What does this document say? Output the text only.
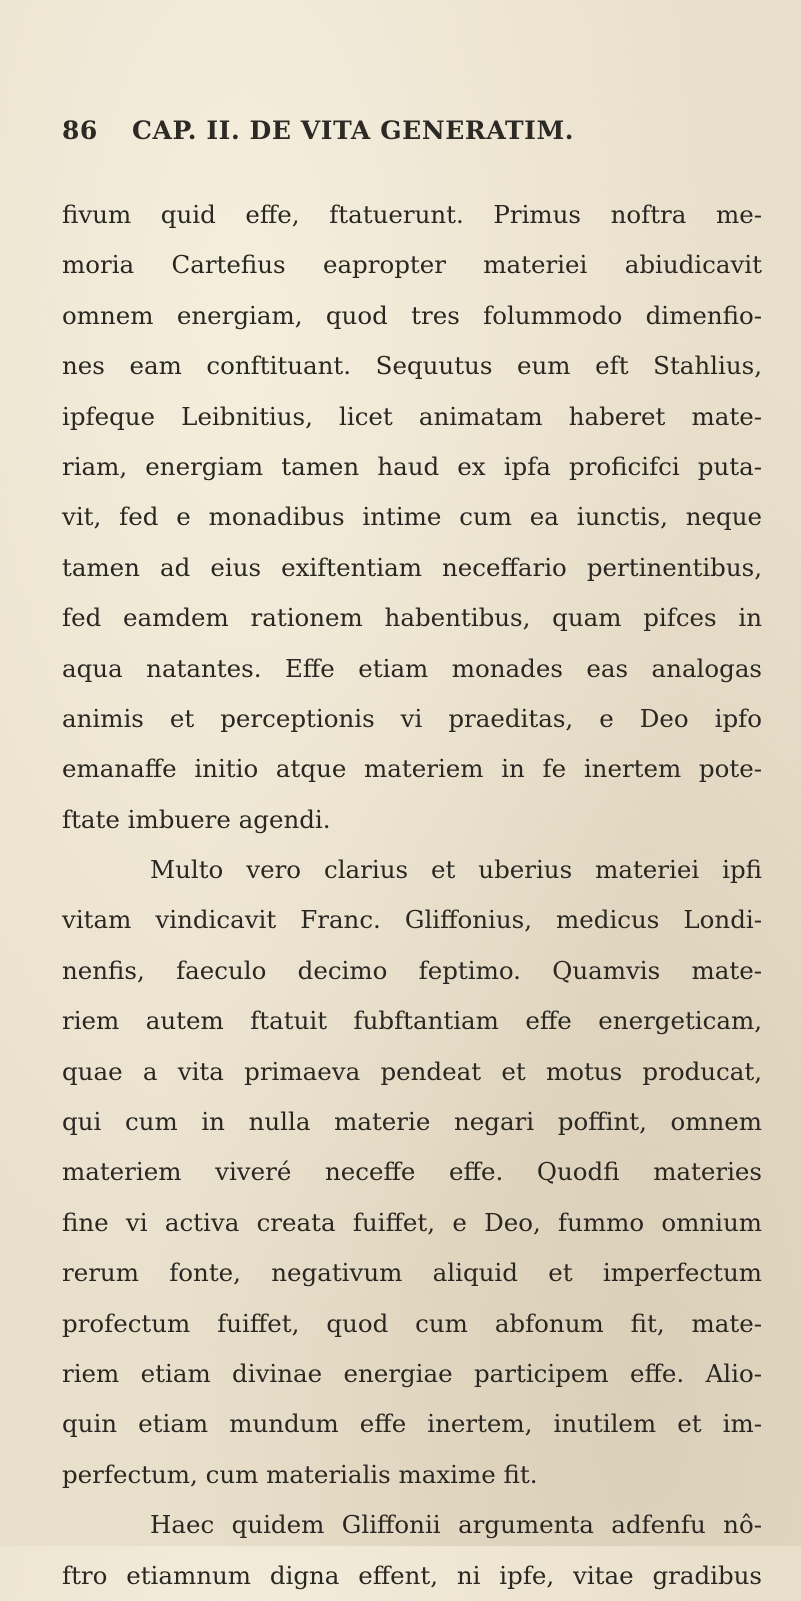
86 CAP. II. DE VITA GENERATIM.
fivum quid effe, ftatuerunt. Primus noftra me-
moria Cartefius eapropter materiei abiudicavit
omnem energiam, quod tres folummodo dimenfio-
nes eam conftituant. Sequutus eum eft Stahlius,
ipfeque Leibnitius, licet animatam haberet mate-
riam, energiam tamen haud ex ipfa proficifci puta-
vit, fed e monadibus intime cum ea iunctis, neque
tamen ad eius exiftentiam neceffario pertinentibus,
fed eamdem rationem habentibus, quam pifces in
aqua natantes. Effe etiam monades eas analogas
animis et perceptionis vi praeditas, e Deo ipfo
emanaffe initio atque materiem in fe inertem pote-
ftate imbuere agendi.
Multo vero clarius et uberius materiei ipfi
vitam vindicavit Franc. Gliffonius, medicus Londi-
nenfis, faeculo decimo feptimo. Quamvis mate-
riem autem ftatuit fubftantiam effe energeticam,
quae a vita primaeva pendeat et motus producat,
qui cum in nulla materie negari poffint, omnem
materiem viveré neceffe effe. Quodfi materies
fine vi activa creata fuiffet, e Deo, fummo omnium
rerum fonte, negativum aliquid et imperfectum
profectum fuiffet, quod cum abfonum fit, mate-
riem etiam divinae energiae participem effe. Alio-
quin etiam mundum effe inertem, inutilem et im-
perfectum, cum materialis maxime fit.
Haec quidem Gliffonii argumenta adfenfu nô-
ftro etiamnum digna effent, ni ipfe, vitae gradibus
